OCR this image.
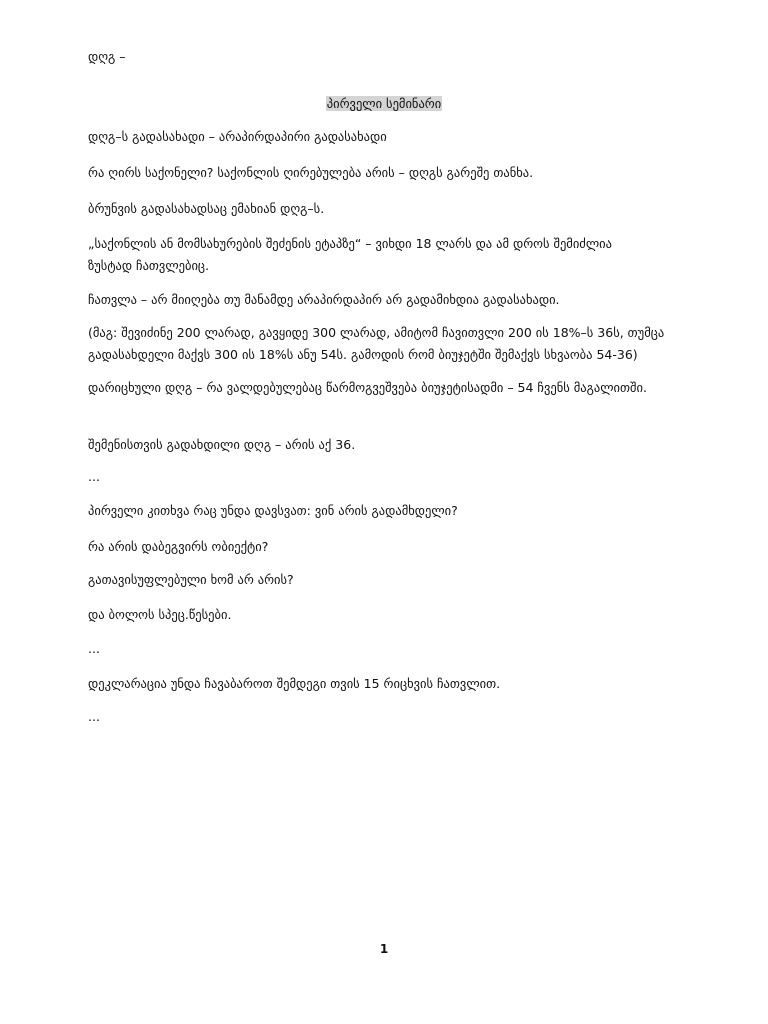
დღგ –
პირველი სემინარი
დღგ–ს გადასახადი – არაპირდაპირი გადასახადი
რა ღირს საქონელი? საქონლის ღირებულება არის – დღგს გარეშე თანხა.
ბრუნვის გადასახადსაც ემახიან დღგ–ს.
„საქონლის ან მომსახურების შეძენის ეტაპზე“ – ვიხდი 18 ლარს და ამ დროს შემიძლია ზუსტად ჩათვლებიც.
ჩათვლა – არ მიიღება თუ მანამდე არაპირდაპირ არ გადამიხდია გადასახადი.
(მაგ: შევიძინე 200 ლარად, გავყიდე 300 ლარად, ამიტომ ჩავითვლი 200 ის 18%–ს 36ს, თუმცა გადასახდელი მაქვს 300 ის 18%ს ანუ 54ს. გამოდის რომ ბიუჯეტში შემაქვს სხვაობა 54-36)
დარიცხული დღგ – რა ვალდებულებაც წარმოგვეშვება ბიუჯეტისადმი – 54 ჩვენს მაგალითში.
შემენისთვის გადახდილი დღგ – არის აქ 36.
...
პირველი კითხვა რაც უნდა დავსვათ: ვინ არის გადამხდელი?
რა არის დაბეგვირს ობიექტი?
გათავისუფლებული ხომ არ არის?
და ბოლოს სპეც.წესები.
...
დეკლარაცია უნდა ჩავაბაროთ შემდეგი თვის 15 რიცხვის ჩათვლით.
...
1
